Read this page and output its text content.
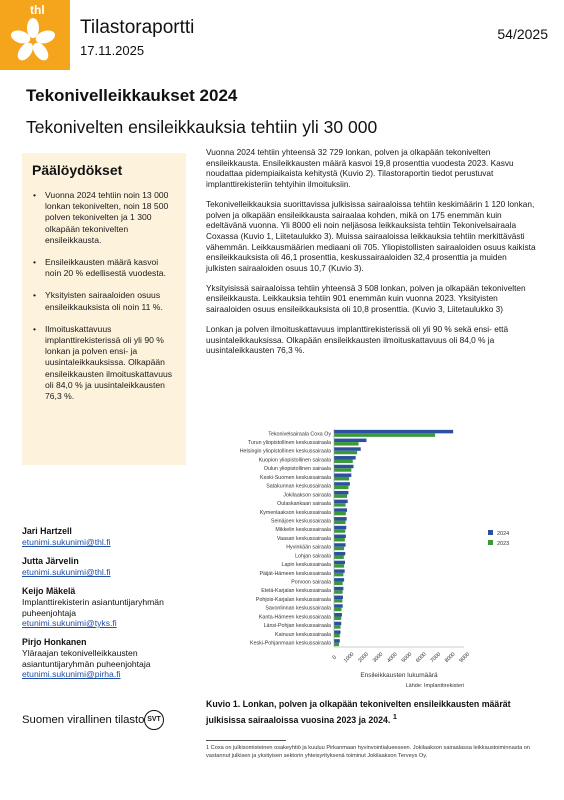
thl
Tilastoraportti
17.11.2025
54/2025
Tekonivelleikkaukset 2024
Tekonivelten ensileikkauksia tehtiin yli 30 000
Päälöydökset
• Vuonna 2024 tehtiin noin 13 000 lonkan tekonivelten, noin 18 500 polven tekonivelten ja 1 300 olkapään tekonivelten ensileikkausta.
• Ensileikkausten määrä kasvoi noin 20 % edellisestä vuodesta.
• Yksityisten sairaaloiden osuus ensileikkauksista oli noin 11 %.
• Ilmoituskattavuus implanttirekisterissä oli yli 90 % lonkan ja polven ensi- ja uusintaleikkauksissa. Olkapään ensileikkausten ilmoituskattavuus oli 84,0 % ja uusintaleikkausten 76,3 %.

Vuonna 2024 tehtiin yhteensä 32 729 lonkan, polven ja olkapään tekonivelten ensileikkausta. Ensileikkausten määrä kasvoi 19,8 prosenttia vuodesta 2023. Kasvu noudattaa pidempiaikaista kehitystä (Kuvio 2). Tilastoraportin tiedot perustuvat implanttirekisteriin tehtyihin ilmoituksiin.

Tekonivelleikkauksia suorittavissa julkisissa sairaaloissa tehtiin keskimäärin 1 120 lonkan, polven ja olkapään ensileikkausta sairaalaa kohden, mikä on 175 enemmän kuin edeltävänä vuonna. Yli 8000 eli noin neljäsosa leikkauksista tehtiin Tekonivelsairaala Coxassa (Kuvio 1, Liitetaulukko 3). Muissa sairaaloissa leikkauksia tehtiin merkittävästi vähemmän. Leikkausmäärien mediaani oli 705. Yliopistollisten sairaaloiden osuus kaikista ensileikkauksista oli 46,1 prosenttia, keskussairaaloiden 32,4 prosenttia ja muiden julkisten sairaaloiden osuus 10,7 (Kuvio 3).

Yksityisissä sairaaloissa tehtiin yhteensä 3 508 lonkan, polven ja olkapään tekonivelten ensileikkausta. Leikkauksia tehtiin 901 enemmän kuin vuonna 2023. Yksityisten sairaaloiden osuus ensileikkauksista oli 10,8 prosenttia. (Kuvio 3, Liitetaulukko 3)

Lonkan ja polven ilmoituskattavuus implanttirekisterissä oli yli 90 % sekä ensi- että uusintaleikkauksissa. Olkapään ensileikkausten ilmoituskattavuus oli 84,0 % ja uusintaleikkausten 76,3 %.

Tekonivelsairaala Coxa Oy
Turun yliopistollinen keskussairaala
Helsingin yliopistollinen keskussairaala
Kuopion yliopistollinen sairaala
Oulun yliopistollinen sairaala
Keski-Suomen keskussairaala
Satakunnan keskussairaala
Jokilaakson sairaala
Oulaskankaan sairaala
Kymenlaakson keskussairaala
Seinäjoen keskussairaala
Mikkelin keskussairaala
Vaasan keskussairaala
Hyvinkään sairaala
Lohjan sairaala
Lapin keskussairaala
Päijät-Hämeen keskussairaala
Porvoon sairaala
Etelä-Karjalan keskussairaala
Pohjois-Karjalan keskussairaala
Savonlinnan keskussairaala
Kanta-Hämeen keskussairaala
Länsi-Pohjan keskussairaala
Kainuun keskussairaala
Keski-Pohjanmaan keskussairaala
0 1000 2000 3000 4000 5000 6000 7000 8000 9000
Ensileikkausten lukumäärä
Lähde: Implanttirekisteri
2024
2023
Kuvio 1. Lonkan, polven ja olkapään tekonivelten ensileikkausten määrät julkisissa sairaaloissa vuosina 2023 ja 2024. $^1$
1 Coxa on julkisomisteinen osakeyhtiö ja kuuluu Pirkanmaan hyvinvointialueeseen. Jokilaakson sairaalassa leikkaustoiminnasta on vastannut julkisen ja yksityisen sektorin yhteisyrityksenä toiminut Jokilaakson Terveys Oy.
Jari Hartzell
etunimi.sukunimi@thl.fi
Jutta Järvelin
etunimi.sukunimi@thl.fi
Keijo Mäkelä
Implanttirekisterin asiantuntijaryhmän puheenjohtaja
etunimi.sukunimi@tyks.fi
Pirjo Honkanen
Yläraajan tekonivelleikkausten asiantuntijaryhmän puheenjohtaja
etunimi.sukunimi@pirha.fi
Suomen virallinen tilasto SVT
